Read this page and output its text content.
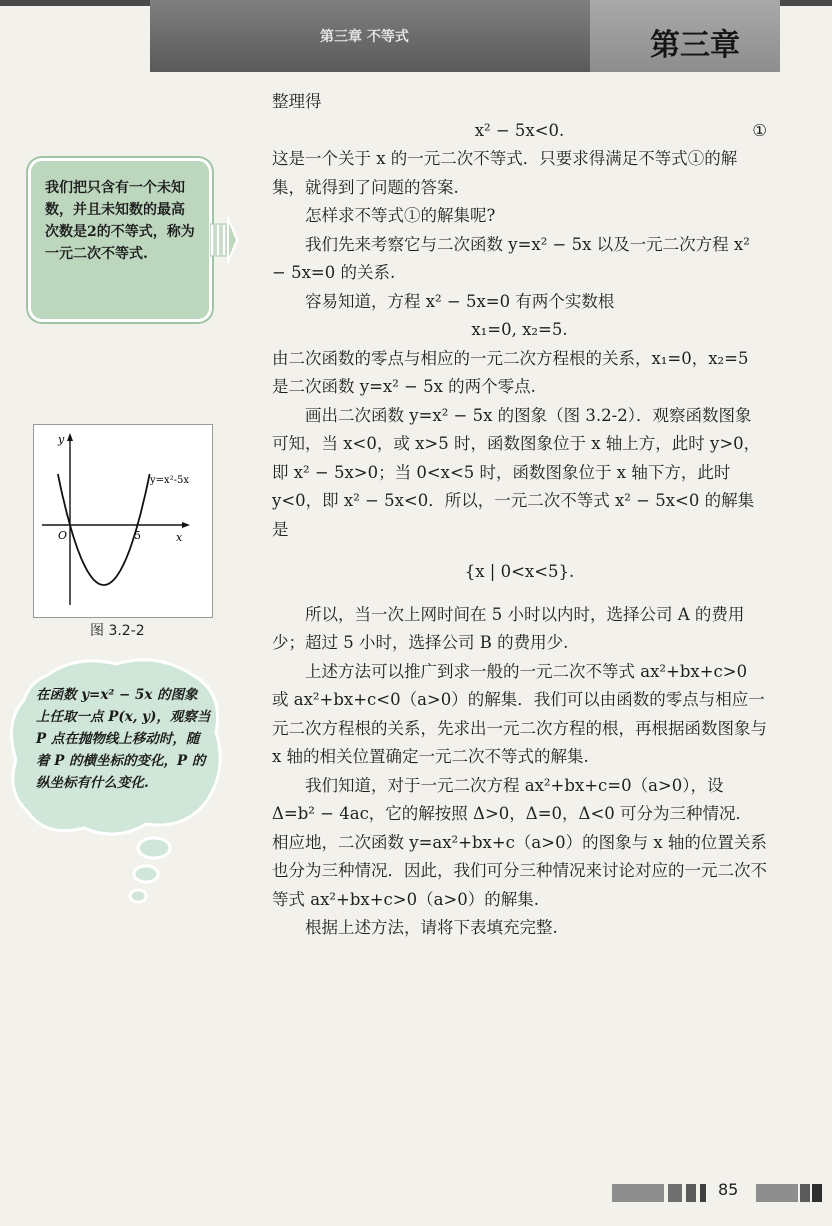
第三章 不等式	第三章

整理得

x² − 5x<0.	①

这是一个关于 x 的一元二次不等式．只要求得满足不等式①的解集，就得到了问题的答案.

怎样求不等式①的解集呢?

我们先来考察它与二次函数 y=x² − 5x 以及一元二次方程 x² − 5x=0 的关系.

容易知道，方程 x² − 5x=0 有两个实数根

x₁=0, x₂=5.

由二次函数的零点与相应的一元二次方程根的关系，x₁=0，x₂=5 是二次函数 y=x² − 5x 的两个零点.

画出二次函数 y=x² − 5x 的图象（图 3.2-2）．观察函数图象可知，当 x<0，或 x>5 时，函数图象位于 x 轴上方，此时 y>0，即 x² − 5x>0；当 0<x<5 时，函数图象位于 x 轴下方，此时 y<0，即 x² − 5x<0．所以，一元二次不等式 x² − 5x<0 的解集是

{x | 0<x<5}.

所以，当一次上网时间在 5 小时以内时，选择公司 A 的费用少；超过 5 小时，选择公司 B 的费用少.

上述方法可以推广到求一般的一元二次不等式 ax²+bx+c>0 或 ax²+bx+c<0（a>0）的解集．我们可以由函数的零点与相应一元二次方程根的关系，先求出一元二次方程的根，再根据函数图象与 x 轴的相关位置确定一元二次不等式的解集.

我们知道，对于一元二次方程 ax²+bx+c=0（a>0），设 Δ=b² − 4ac，它的解按照 Δ>0，Δ=0，Δ<0 可分为三种情况．相应地，二次函数 y=ax²+bx+c（a>0）的图象与 x 轴的位置关系也分为三种情况．因此，我们可分三种情况来讨论对应的一元二次不等式 ax²+bx+c>0（a>0）的解集.

根据上述方法，请将下表填充完整.

我们把只含有一个未知数，并且未知数的最高次数是2的不等式，称为一元二次不等式.
y
x
O	5
y=x²-5x
图 3.2-2
在函数 y=x² − 5x 的图象上任取一点 P(x, y)，观察当 P 点在抛物线上移动时，随着 P 的横坐标的变化，P 的纵坐标有什么变化.
85
